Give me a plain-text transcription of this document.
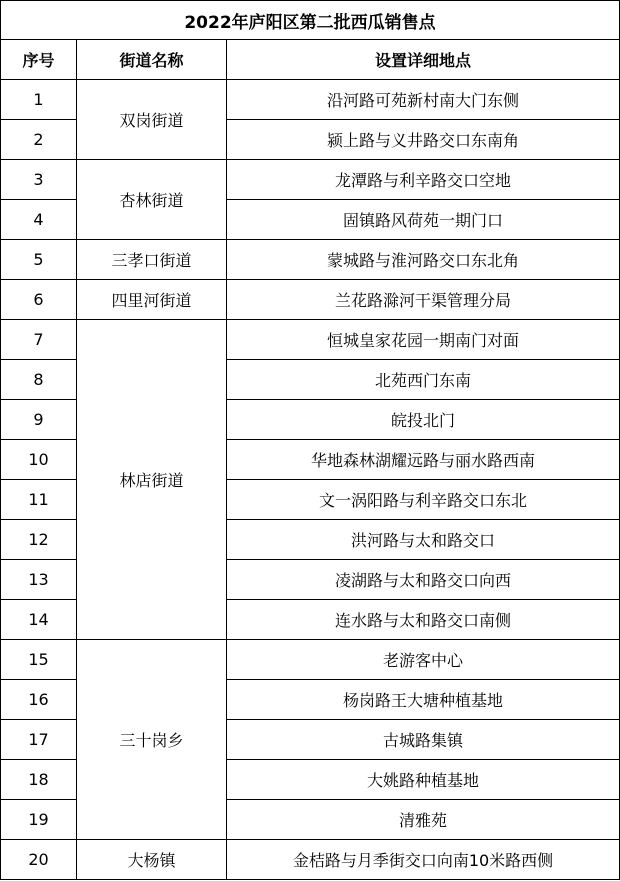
2022年庐阳区第二批西瓜销售点		
序号	街道名称	设置详细地点
1	双岗街道	沿河路可苑新村南大门东侧
2		颍上路与义井路交口东南角
3	杏林街道	龙潭路与利辛路交口空地
4		固镇路风荷苑一期门口
5	三孝口街道	蒙城路与淮河路交口东北角
6	四里河街道	兰花路滁河干渠管理分局
7	林店街道	恒城皇家花园一期南门对面
8		北苑西门东南
9		皖投北门
10		华地森林湖耀远路与丽水路西南
11		文一涡阳路与利辛路交口东北
12		洪河路与太和路交口
13		凌湖路与太和路交口向西
14		连水路与太和路交口南侧
15	三十岗乡	老游客中心
16		杨岗路王大塘种植基地
17		古城路集镇
18		大姚路种植基地
19		清雅苑
20	大杨镇	金桔路与月季街交口向南10米路西侧
